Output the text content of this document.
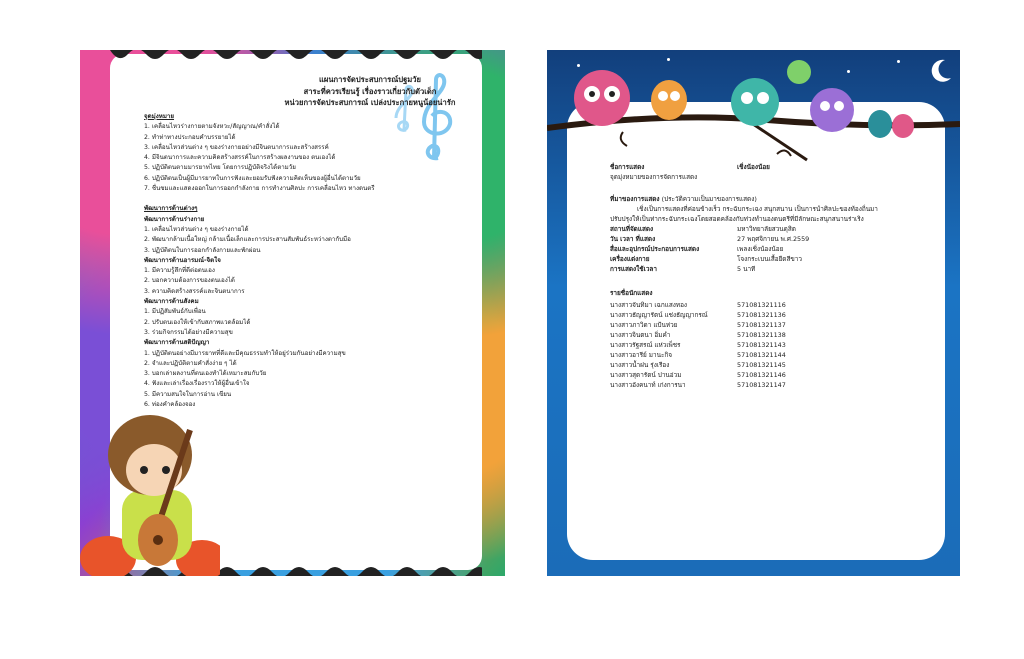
แผนการจัดประสบการณ์ปฐมวัย
สาระที่ควรเรียนรู้ เรื่องราวเกี่ยวกับตัวเด็ก
หน่วยการจัดประสบการณ์ เปล่งประกายหนูน้อยน่ารัก
จุดมุ่งหมาย
1. เคลื่อนไหวร่างกายตามจังหวะ/สัญญาณ/คำสั่งได้
2. ทำท่าทางประกอบคำบรรยายได้
3. เคลื่อนไหวส่วนต่าง ๆ ของร่างกายอย่างมีจินตนาการและสร้างสรรค์
4. มีจินตนาการและความคิดสร้างสรรค์ในการสร้างผลงานของ ตนเองได้
5. ปฏิบัติตนตามมารยาทไทย โดยการปฏิบัติจริงได้ตามวัย
6. ปฏิบัติตนเป็นผู้มีมารยาทในการฟังและยอมรับฟังความคิดเห็นของผู้อื่นได้ตามวัย
7. ชื่นชมและแสดงออกในการออกกำลังกาย การทำงานศิลปะ การเคลื่อนไหว ทางดนตรี
พัฒนาการด้านต่างๆ
พัฒนาการด้านร่างกาย
1. เคลื่อนไหวส่วนต่าง ๆ ของร่างกายได้
2. พัฒนากล้ามเนื้อใหญ่ กล้ามเนื้อเล็กและการประสานสัมพันธ์ระหว่างตากับมือ
3. ปฏิบัติตนในการออกกำลังกายและพักผ่อน
พัฒนาการด้านอารมณ์-จิตใจ
1. มีความรู้สึกที่ดีต่อตนเอง
2. บอกความต้องการของตนเองได้
3. ความคิดสร้างสรรค์และจินตนาการ
พัฒนาการด้านสังคม
1. มีปฏิสัมพันธ์กับเพื่อน
2. ปรับตนเองให้เข้ากับสภาพแวดล้อมได้
3. ร่วมกิจกรรมได้อย่างมีความสุข
พัฒนาการด้านสติปัญญา
1. ปฏิบัติตนอย่างมีมารยาทที่ดีและมีคุณธรรมทำให้อยู่ร่วมกันอย่างมีความสุข
2. จำและปฏิบัติตามคำสั่งง่าย ๆ ได้
3. บอกเล่าผลงานที่ตนเองทำได้เหมาะสมกับวัย
4. ฟังและเล่าเรื่องเรื่องราวให้ผู้อื่นเข้าใจ
5. มีความสนใจในการอ่าน เขียน
6. ท่องคำคล้องจอง
ชื่อการแสดง	เชิ่งน้องน้อย
จุดมุ่งหมายของการจัดการแสดง
ที่มาของการแสดง (ประวัติความเป็นมาของการแสดง)
เชิ่งเป็นการแสดงที่ค่อนข้างเร็ว กระฉับกระเฉง สนุกสนาน เป็นการนำศิลปะของท้องถิ่นมา
ปรับปรุงให้เป็นท่ากระฉับกระเฉงโดยสอดคล้องกับท่วงทำนองดนตรีที่มีลักษณะสนุกสนานร่าเริง
สถานที่จัดแสดง	มหาวิทยาลัยสวนดุสิต
วัน เวลา ที่แสดง	27 พฤศจิกายน พ.ศ.2559
สื่อและอุปกรณ์ประกอบการแสดง	เพลงเชิ่งน้องน้อย
เครื่องแต่งกาย	โจงกระเบนเสื้อยืดสีขาว
การแสดงใช้เวลา	5 นาที
รายชื่อนักแสดง
นางสาวจันทิมา เฉกแสงทอง	571081321116
นางสาวธัญญารัตน์ แช่งธัญญากรณ์	571081321136
นางสาวภาวิดา แป้นห่วย	571081321137
นางสาวจินตนา อิ่มคำ	571081321138
นางสาวรัฐสรณ์ แห่วเพ็ชร	571081321143
นางสาวอารีย์ มานะกิจ	571081321144
นางสาวน้ำฝน รุ่งเรือง	571081321145
นางสาวสุดารัตน์ ปานอ่วม	571081321146
นางสาวอังคนาท์ เก่งการนา	571081321147
